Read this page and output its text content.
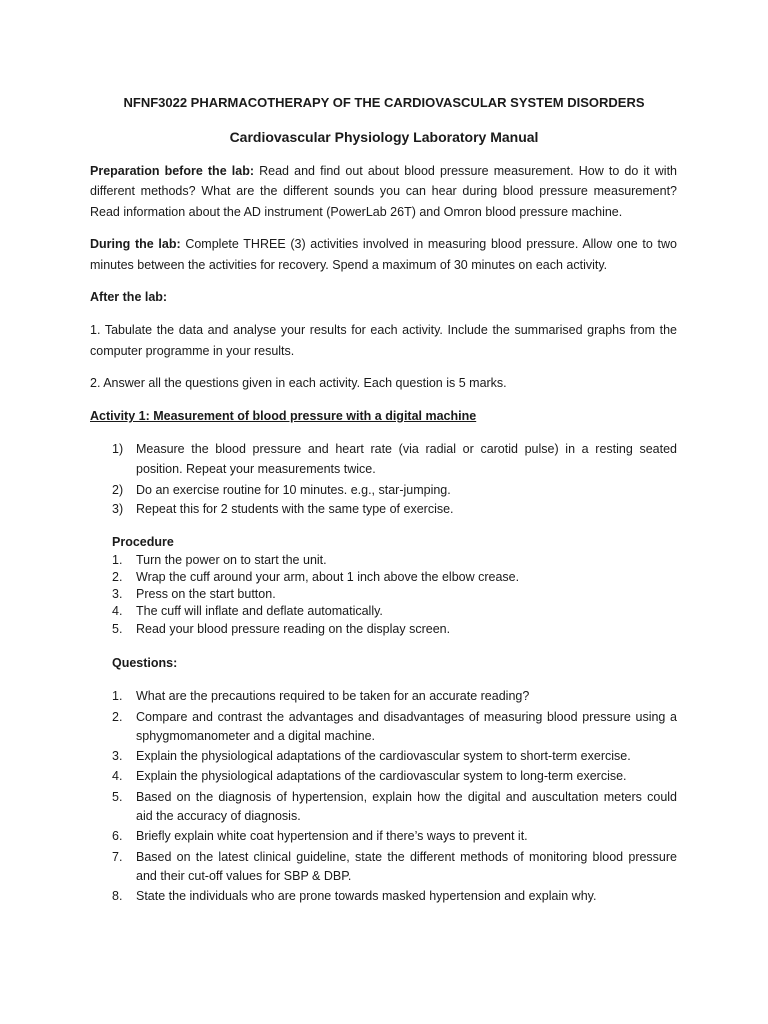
NFNF3022 PHARMACOTHERAPY OF THE CARDIOVASCULAR SYSTEM DISORDERS
Cardiovascular Physiology Laboratory Manual
Preparation before the lab: Read and find out about blood pressure measurement. How to do it with
different methods? What are the different sounds you can hear during blood pressure measurement?
Read information about the AD instrument (PowerLab 26T) and Omron blood pressure machine.
During the lab: Complete THREE (3) activities involved in measuring blood pressure. Allow one to two
minutes between the activities for recovery. Spend a maximum of 30 minutes on each activity.
After the lab:
1. Tabulate the data and analyse your results for each activity. Include the summarised graphs from the
computer programme in your results.
2. Answer all the questions given in each activity. Each question is 5 marks.
Activity 1: Measurement of blood pressure with a digital machine
1) Measure the blood pressure and heart rate (via radial or carotid pulse) in a resting seated
position. Repeat your measurements twice.
2) Do an exercise routine for 10 minutes. e.g., star-jumping.
3) Repeat this for 2 students with the same type of exercise.
Procedure
1. Turn the power on to start the unit.
2. Wrap the cuff around your arm, about 1 inch above the elbow crease.
3. Press on the start button.
4. The cuff will inflate and deflate automatically.
5. Read your blood pressure reading on the display screen.
Questions:
1. What are the precautions required to be taken for an accurate reading?
2. Compare and contrast the advantages and disadvantages of measuring blood pressure using a
sphygmomanometer and a digital machine.
3. Explain the physiological adaptations of the cardiovascular system to short-term exercise.
4. Explain the physiological adaptations of the cardiovascular system to long-term exercise.
5. Based on the diagnosis of hypertension, explain how the digital and auscultation meters could
aid the accuracy of diagnosis.
6. Briefly explain white coat hypertension and if there’s ways to prevent it.
7. Based on the latest clinical guideline, state the different methods of monitoring blood pressure
and their cut-off values for SBP & DBP.
8. State the individuals who are prone towards masked hypertension and explain why.
